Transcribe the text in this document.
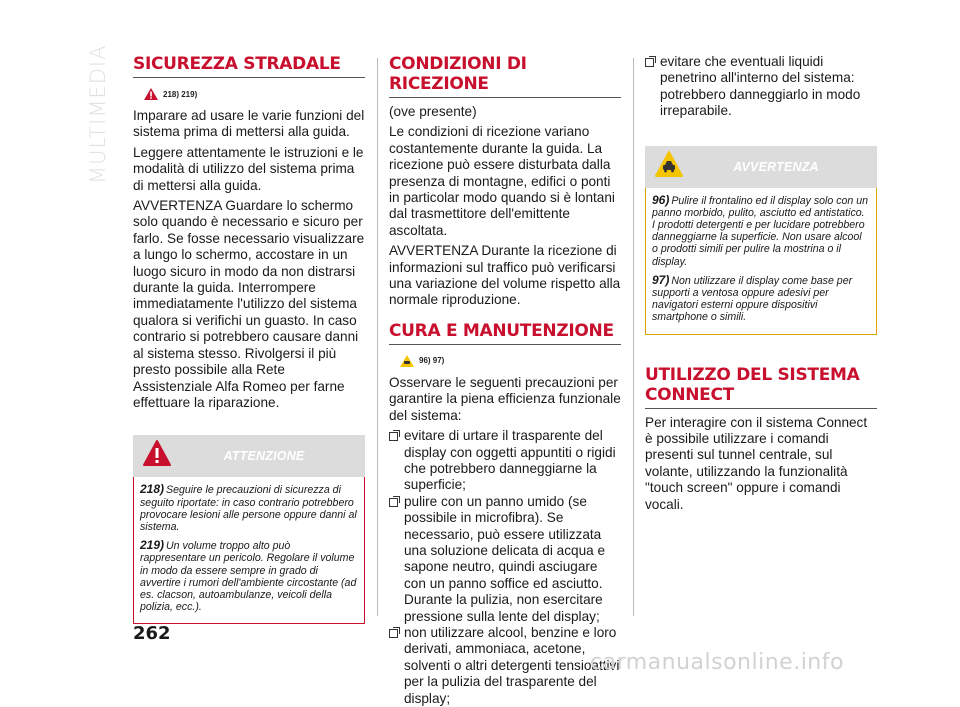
MULTIMEDIA SICUREZZA STRADALE
218) 219)

Imparare ad usare le varie funzioni del sistema prima di mettersi alla guida.

Leggere attentamente le istruzioni e le modalità di utilizzo del sistema prima di mettersi alla guida.

AVVERTENZA Guardare lo schermo solo quando è necessario e sicuro per farlo. Se fosse necessario visualizzare a lungo lo schermo, accostare in un luogo sicuro in modo da non distrarsi durante la guida. Interrompere immediatamente l'utilizzo del sistema qualora si verifichi un guasto. In caso contrario si potrebbero causare danni al sistema stesso. Rivolgersi il più presto possibile alla Rete Assistenziale Alfa Romeo per farne effettuare la riparazione.

ATTENZIONE
218) Seguire le precauzioni di sicurezza di seguito riportate: in caso contrario potrebbero provocare lesioni alle persone oppure danni al sistema.
219) Un volume troppo alto può rappresentare un pericolo. Regolare il volume in modo da essere sempre in grado di avvertire i rumori dell'ambiente circostante (ad es. clacson, autoambulanze, veicoli della polizia, ecc.).
CONDIZIONI DI RICEZIONE

(ove presente)

Le condizioni di ricezione variano costantemente durante la guida. La ricezione può essere disturbata dalla presenza di montagne, edifici o ponti in particolar modo quando si è lontani dal trasmettitore dell'emittente ascoltata.

AVVERTENZA Durante la ricezione di informazioni sul traffico può verificarsi una variazione del volume rispetto alla normale riproduzione.

CURA E MANUTENZIONE
96) 97)

Osservare le seguenti precauzioni per garantire la piena efficienza funzionale del sistema:

evitare di urtare il trasparente del display con oggetti appuntiti o rigidi che potrebbero danneggiarne la superficie;
pulire con un panno umido (se possibile in microfibra). Se necessario, può essere utilizzata una soluzione delicata di acqua e sapone neutro, quindi asciugare con un panno soffice ed asciutto. Durante la pulizia, non esercitare pressione sulla lente del display;
non utilizzare alcool, benzine e loro derivati, ammoniaca, acetone, solventi o altri detergenti tensioattivi per la pulizia del trasparente del display;
evitare che eventuali liquidi penetrino all'interno del sistema: potrebbero danneggiarlo in modo irreparabile.
AVVERTENZA
96) Pulire il frontalino ed il display solo con un panno morbido, pulito, asciutto ed antistatico. I prodotti detergenti e per lucidare potrebbero danneggiarne la superficie. Non usare alcool o prodotti simili per pulire la mostrina o il display.
97) Non utilizzare il display come base per supporti a ventosa oppure adesivi per navigatori esterni oppure dispositivi smartphone o simili.
UTILIZZO DEL SISTEMA CONNECT

Per interagire con il sistema Connect è possibile utilizzare i comandi presenti sul tunnel centrale, sul volante, utilizzando la funzionalità "touch screen" oppure i comandi vocali.

262
carmanualsonline.info
